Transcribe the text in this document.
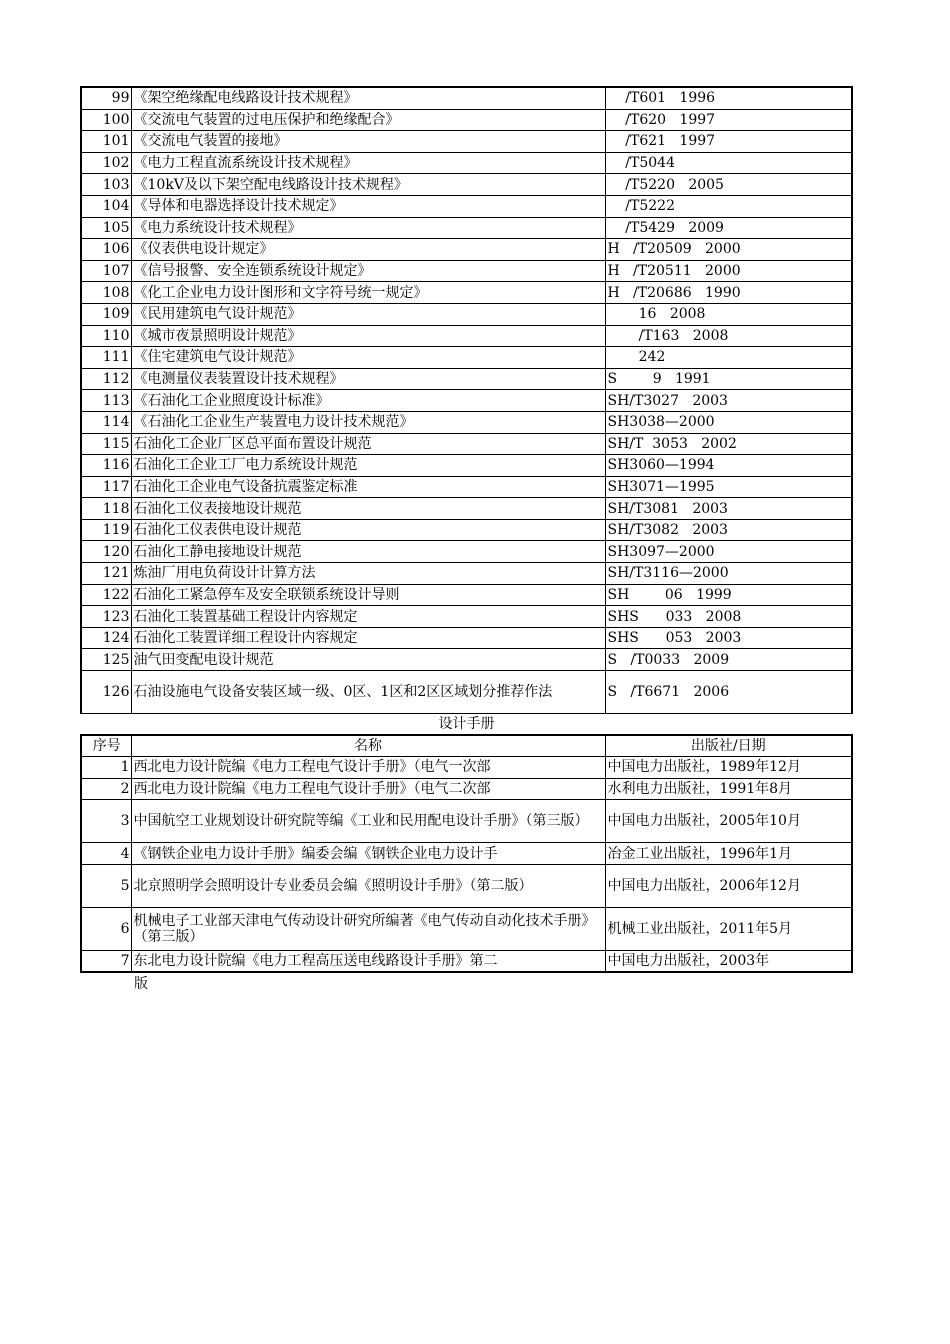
99	《架空绝缘配电线路设计技术规程》	/T601   1996
100	《交流电气装置的过电压保护和绝缘配合》	/T620   1997
101	《交流电气装置的接地》	/T621   1997
102	《电力工程直流系统设计技术规程》	/T5044
103	《10kV及以下架空配电线路设计技术规程》	/T5220   2005
104	《导体和电器选择设计技术规定》	/T5222
105	《电力系统设计技术规程》	/T5429   2009
106	《仪表供电设计规定》	H   /T20509   2000
107	《信号报警、安全连锁系统设计规定》	H   /T20511   2000
108	《化工企业电力设计图形和文字符号统一规定》	H   /T20686   1990
109	《民用建筑电气设计规范》	16   2008
110	《城市夜景照明设计规范》	/T163   2008
111	《住宅建筑电气设计规范》	242
112	《电测量仪表装置设计技术规程》	S        9   1991
113	《石油化工企业照度设计标准》	SH/T3027   2003
114	《石油化工企业生产装置电力设计技术规范》	SH3038—2000
115	石油化工企业厂区总平面布置设计规范	SH/T  3053   2002
116	石油化工企业工厂电力系统设计规范	SH3060—1994
117	石油化工企业电气设备抗震鉴定标准	SH3071—1995
118	石油化工仪表接地设计规范	SH/T3081   2003
119	石油化工仪表供电设计规范	SH/T3082   2003
120	石油化工静电接地设计规范	SH3097—2000
121	炼油厂用电负荷设计计算方法	SH/T3116—2000
122	石油化工紧急停车及安全联锁系统设计导则	SH        06   1999
123	石油化工装置基础工程设计内容规定	SHS      033   2008
124	石油化工装置详细工程设计内容规定	SHS      053   2003
125	油气田变配电设计规范	S   /T0033   2009
126	石油设施电气设备安装区域一级、0区、1区和2区区域划分推荐作法	S   /T6671   2006
设计手册		
序号	名称	出版社/日期
1	西北电力设计院编《电力工程电气设计手册》（电气一次部	中国电力出版社，1989年12月
2	西北电力设计院编《电力工程电气设计手册》（电气二次部	水利电力出版社，1991年8月
3	中国航空工业规划设计研究院等编《工业和民用配电设计手册》（第三版）	中国电力出版社，2005年10月
4	《钢铁企业电力设计手册》编委会编《钢铁企业电力设计手	冶金工业出版社，1996年1月
5	北京照明学会照明设计专业委员会编《照明设计手册》（第二版）	中国电力出版社，2006年12月
6	机械电子工业部天津电气传动设计研究所编著《电气传动自动化技术手册》（第三版）	机械工业出版社，2011年5月
7	东北电力设计院编《电力工程高压送电线路设计手册》第二	中国电力出版社，2003年
版
